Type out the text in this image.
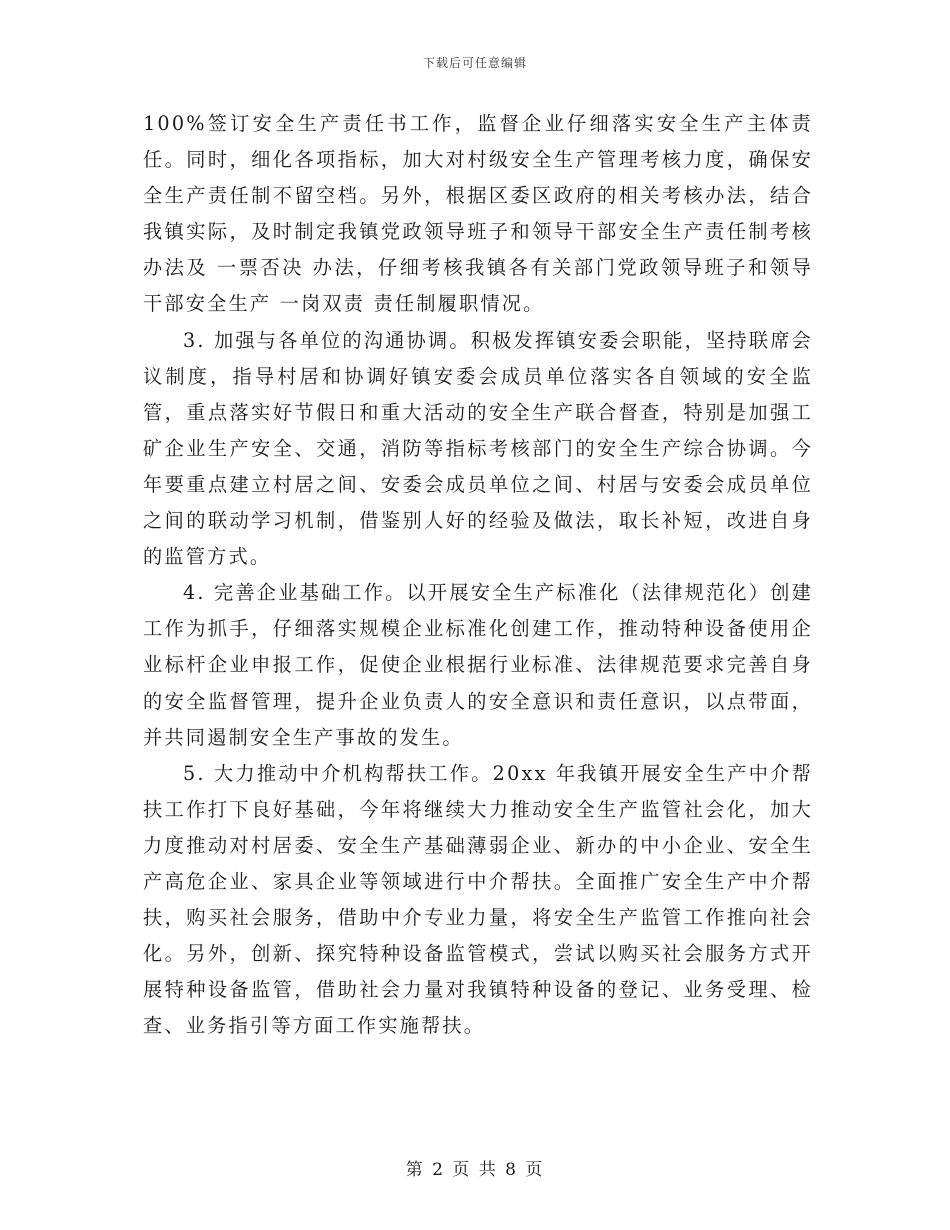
下载后可任意编辑

100%签订安全生产责任书工作，监督企业仔细落实安全生产主体责任。同时，细化各项指标，加大对村级安全生产管理考核力度，确保安全生产责任制不留空档。另外，根据区委区政府的相关考核办法，结合我镇实际，及时制定我镇党政领导班子和领导干部安全生产责任制考核办法及 一票否决 办法，仔细考核我镇各有关部门党政领导班子和领导干部安全生产 一岗双责 责任制履职情况。

3. 加强与各单位的沟通协调。积极发挥镇安委会职能，坚持联席会议制度，指导村居和协调好镇安委会成员单位落实各自领域的安全监管，重点落实好节假日和重大活动的安全生产联合督查，特别是加强工矿企业生产安全、交通，消防等指标考核部门的安全生产综合协调。今年要重点建立村居之间、安委会成员单位之间、村居与安委会成员单位之间的联动学习机制，借鉴别人好的经验及做法，取长补短，改进自身的监管方式。

4. 完善企业基础工作。以开展安全生产标准化（法律规范化）创建工作为抓手，仔细落实规模企业标准化创建工作，推动特种设备使用企业标杆企业申报工作，促使企业根据行业标准、法律规范要求完善自身的安全监督管理，提升企业负责人的安全意识和责任意识，以点带面，并共同遏制安全生产事故的发生。

5. 大力推动中介机构帮扶工作。20xx 年我镇开展安全生产中介帮扶工作打下良好基础，今年将继续大力推动安全生产监管社会化，加大力度推动对村居委、安全生产基础薄弱企业、新办的中小企业、安全生产高危企业、家具企业等领域进行中介帮扶。全面推广安全生产中介帮扶，购买社会服务，借助中介专业力量，将安全生产监管工作推向社会化。另外，创新、探究特种设备监管模式，尝试以购买社会服务方式开展特种设备监管，借助社会力量对我镇特种设备的登记、业务受理、检查、业务指引等方面工作实施帮扶。

第 2 页 共 8 页
